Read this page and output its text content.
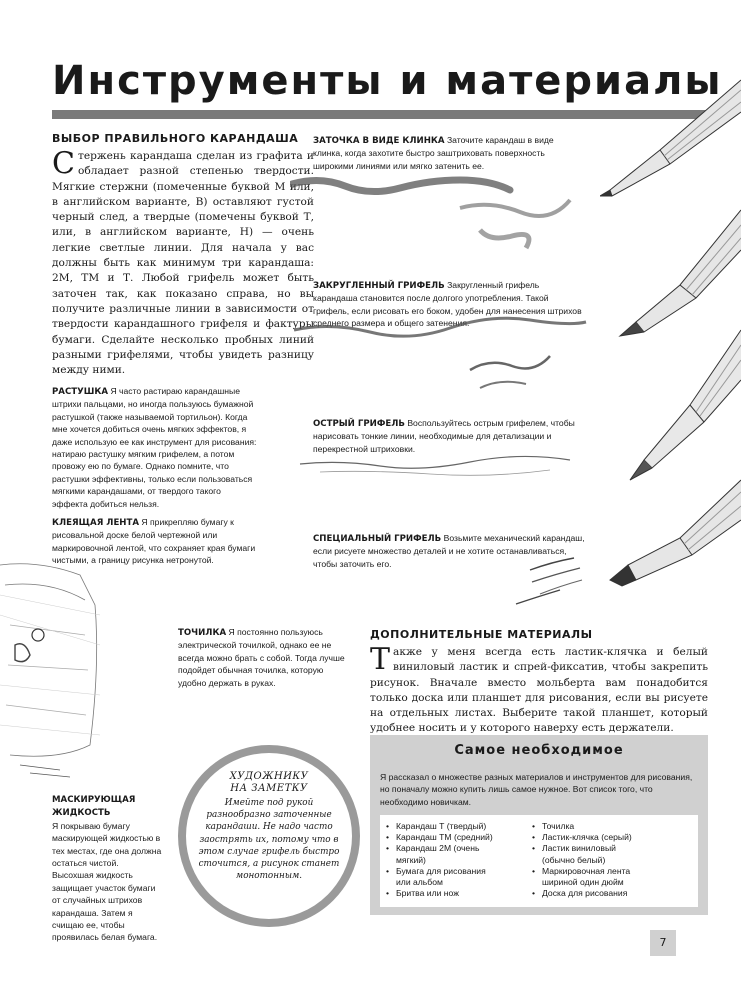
Инструменты и материалы
ВЫБОР ПРАВИЛЬНОГО КАРАНДАША
Стержень карандаша сделан из графита и обладает разной степенью твердости. Мягкие стержни (помеченные буквой М или, в английском варианте, В) оставляют густой черный след, а твердые (помечены буквой Т, или, в английском варианте, Н) — очень легкие светлые линии. Для начала у вас должны быть как минимум три карандаша: 2М, ТМ и Т. Любой грифель может быть заточен так, как показано справа, но вы получите различные линии в зависимости от твердости карандашного грифеля и фактуры бумаги. Сделайте несколько пробных линий разными грифелями, чтобы увидеть разницу между ними.
РАСТУШКА Я часто растираю карандашные штрихи пальцами, но иногда пользуюсь бумажной растушкой (также называемой тортильон). Когда мне хочется добиться очень мягких эффектов, я даже использую ее как инструмент для рисования: натираю растушку мягким грифелем, а потом провожу ею по бумаге. Однако помните, что растушки эффективны, только если пользоваться мягкими карандашами, от твердого такого эффекта добиться нельзя.
КЛЕЯЩАЯ ЛЕНТА Я прикрепляю бумагу к рисовальной доске белой чертежной или маркировочной лентой, что сохраняет края бумаги чистыми, а границу рисунка нетронутой.
ТОЧИЛКА Я постоянно пользуюсь электрической точилкой, однако ее не всегда можно брать с собой. Тогда лучше подойдет обычная точилка, которую удобно держать в руках.
МАСКИРУЮЩАЯ ЖИДКОСТЬ
Я покрываю бумагу маскирующей жидкостью в тех местах, где она должна остаться чистой. Высохшая жидкость защищает участок бумаги от случайных штрихов карандаша. Затем я счищаю ее, чтобы проявилась белая бумага.
ЗАТОЧКА В ВИДЕ КЛИНКА Заточите карандаш в виде клинка, когда захотите быстро заштриховать поверхность широкими линиями или мягко затенить ее.
ЗАКРУГЛЕННЫЙ ГРИФЕЛЬ Закругленный грифель карандаша становится после долгого употребления. Такой грифель, если рисовать его боком, удобен для нанесения штрихов среднего размера и общего затенения.
ОСТРЫЙ ГРИФЕЛЬ Воспользуйтесь острым грифелем, чтобы нарисовать тонкие линии, необходимые для детализации и перекрестной штриховки.
СПЕЦИАЛЬНЫЙ ГРИФЕЛЬ Возьмите механический карандаш, если рисуете множество деталей и не хотите останавливаться, чтобы заточить его.
ДОПОЛНИТЕЛЬНЫЕ МАТЕРИАЛЫ
Также у меня всегда есть ластик-клячка и белый виниловый ластик и спрей-фиксатив, чтобы закрепить рисунок. Вначале вместо мольберта вам понадобится только доска или планшет для рисования, если вы рисуете на отдельных листах. Выберите такой планшет, который удобнее носить и у которого наверху есть держатели.
Самое необходимое
Я рассказал о множестве разных материалов и инструментов для рисования, но поначалу можно купить лишь самое нужное. Вот список того, что необходимо новичкам.
• Карандаш Т (твердый)
• Карандаш ТМ (средний)
• Карандаш 2М (очень мягкий)
• Бумага для рисования или альбом
• Бритва или нож
• Точилка
• Ластик-клячка (серый)
• Ластик виниловый (обычно белый)
• Маркировочная лента шириной один дюйм
• Доска для рисования
ХУДОЖНИКУ
НА ЗАМЕТКУ
Имейте под рукой разнообразно заточенные карандаши. Не надо часто заострять их, потому что в этом случае грифель быстро сточится, а рисунок станет монотонным.
7
